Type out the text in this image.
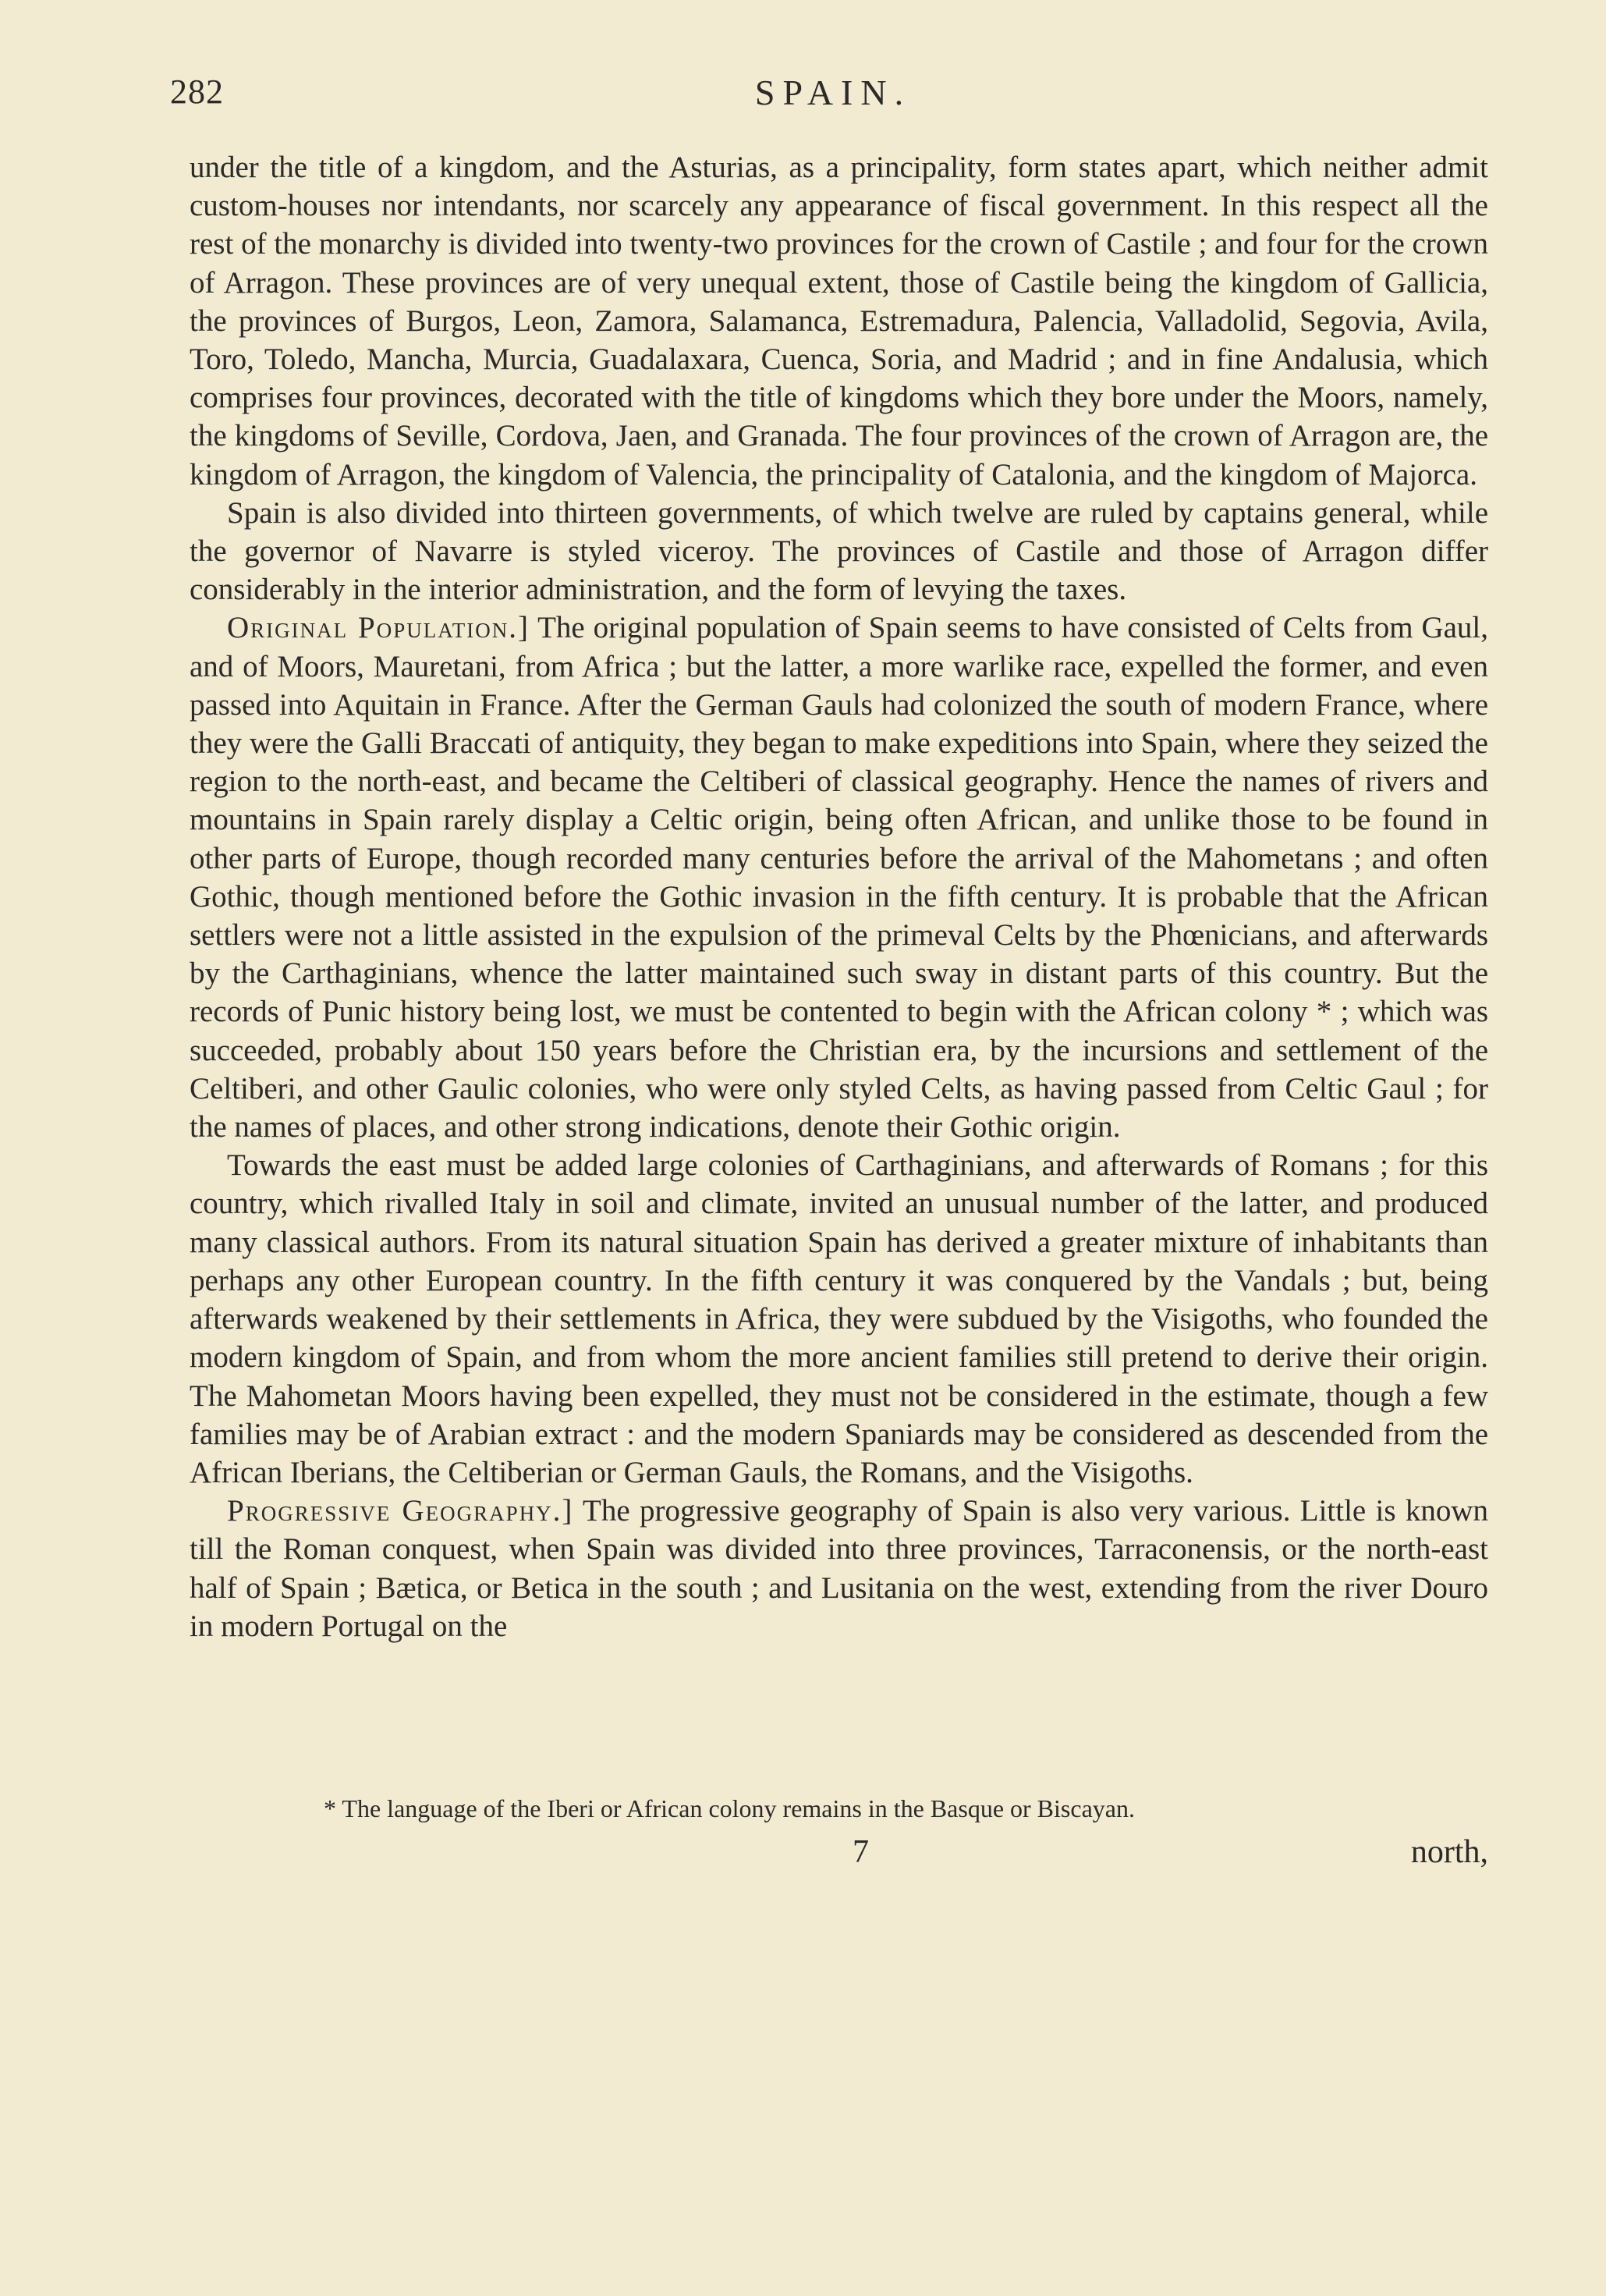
282	SPAIN.

under the title of a kingdom, and the Asturias, as a principality, form states apart, which neither admit custom-houses nor intendants, nor scarcely any appearance of fiscal government. In this respect all the rest of the monarchy is divided into twenty-two provinces for the crown of Castile ; and four for the crown of Arragon. These provinces are of very unequal extent, those of Castile being the kingdom of Gallicia, the provinces of Burgos, Leon, Zamora, Salamanca, Estremadura, Palencia, Valladolid, Segovia, Avila, Toro, Toledo, Mancha, Murcia, Guadalaxara, Cuenca, Soria, and Madrid ; and in fine Andalusia, which comprises four provinces, decorated with the title of kingdoms which they bore under the Moors, namely, the kingdoms of Seville, Cordova, Jaen, and Granada. The four provinces of the crown of Arragon are, the kingdom of Arragon, the kingdom of Valencia, the principality of Catalonia, and the kingdom of Majorca.

Spain is also divided into thirteen governments, of which twelve are ruled by captains general, while the governor of Navarre is styled viceroy. The provinces of Castile and those of Arragon differ considerably in the interior administration, and the form of levying the taxes.

Original Population.] The original population of Spain seems to have consisted of Celts from Gaul, and of Moors, Mauretani, from Africa ; but the latter, a more warlike race, expelled the former, and even passed into Aquitain in France. After the German Gauls had colonized the south of modern France, where they were the Galli Braccati of antiquity, they began to make expeditions into Spain, where they seized the region to the north-east, and became the Celtiberi of classical geography. Hence the names of rivers and mountains in Spain rarely display a Celtic origin, being often African, and unlike those to be found in other parts of Europe, though recorded many centuries before the arrival of the Mahometans ; and often Gothic, though mentioned before the Gothic invasion in the fifth century. It is probable that the African settlers were not a little assisted in the expulsion of the primeval Celts by the Phœnicians, and afterwards by the Carthaginians, whence the latter maintained such sway in distant parts of this country. But the records of Punic history being lost, we must be contented to begin with the African colony * ; which was succeeded, probably about 150 years before the Christian era, by the incursions and settlement of the Celtiberi, and other Gaulic colonies, who were only styled Celts, as having passed from Celtic Gaul ; for the names of places, and other strong indications, denote their Gothic origin.

Towards the east must be added large colonies of Carthaginians, and afterwards of Romans ; for this country, which rivalled Italy in soil and climate, invited an unusual number of the latter, and produced many classical authors. From its natural situation Spain has derived a greater mixture of inhabitants than perhaps any other European country. In the fifth century it was conquered by the Vandals ; but, being afterwards weakened by their settlements in Africa, they were subdued by the Visigoths, who founded the modern kingdom of Spain, and from whom the more ancient families still pretend to derive their origin. The Mahometan Moors having been expelled, they must not be considered in the estimate, though a few families may be of Arabian extract : and the modern Spaniards may be considered as descended from the African Iberians, the Celtiberian or German Gauls, the Romans, and the Visigoths.

Progressive Geography.] The progressive geography of Spain is also very various. Little is known till the Roman conquest, when Spain was divided into three provinces, Tarraconensis, or the north-east half of Spain ; Bætica, or Betica in the south ; and Lusitania on the west, extending from the river Douro in modern Portugal on the

* The language of the Iberi or African colony remains in the Basque or Biscayan.
7	north,
